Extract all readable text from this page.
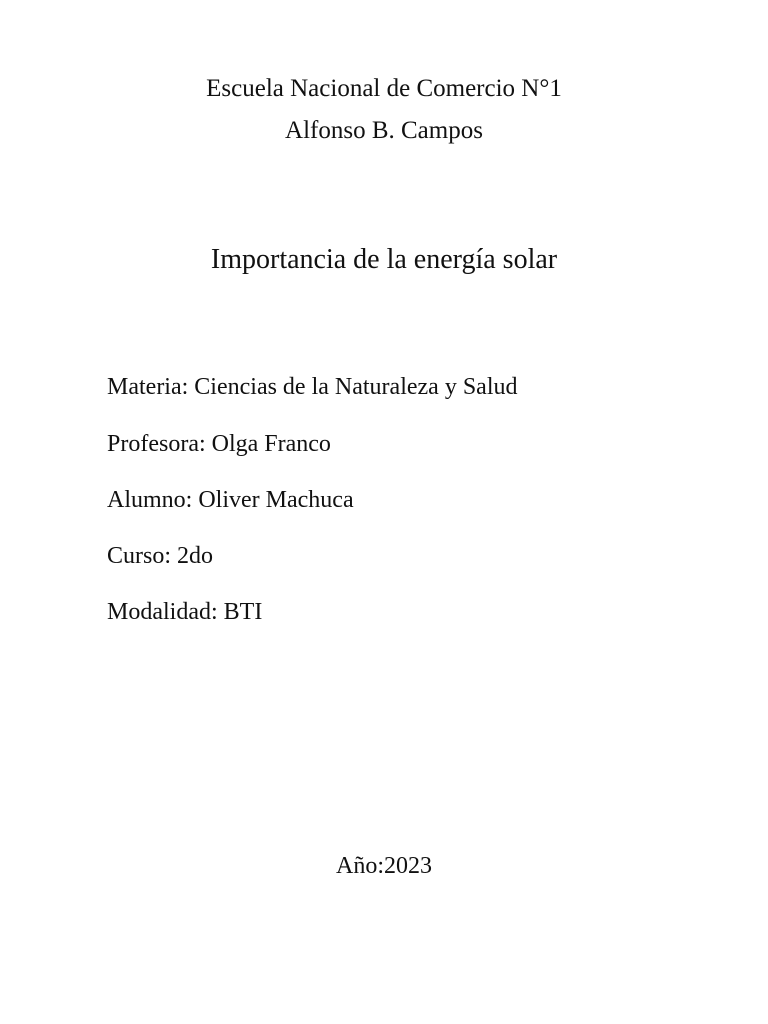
Escuela Nacional de Comercio N°1
Alfonso B. Campos
Importancia de la energía solar
Materia: Ciencias de la Naturaleza y Salud
Profesora: Olga Franco
Alumno: Oliver Machuca
Curso: 2do
Modalidad: BTI
Año:2023
